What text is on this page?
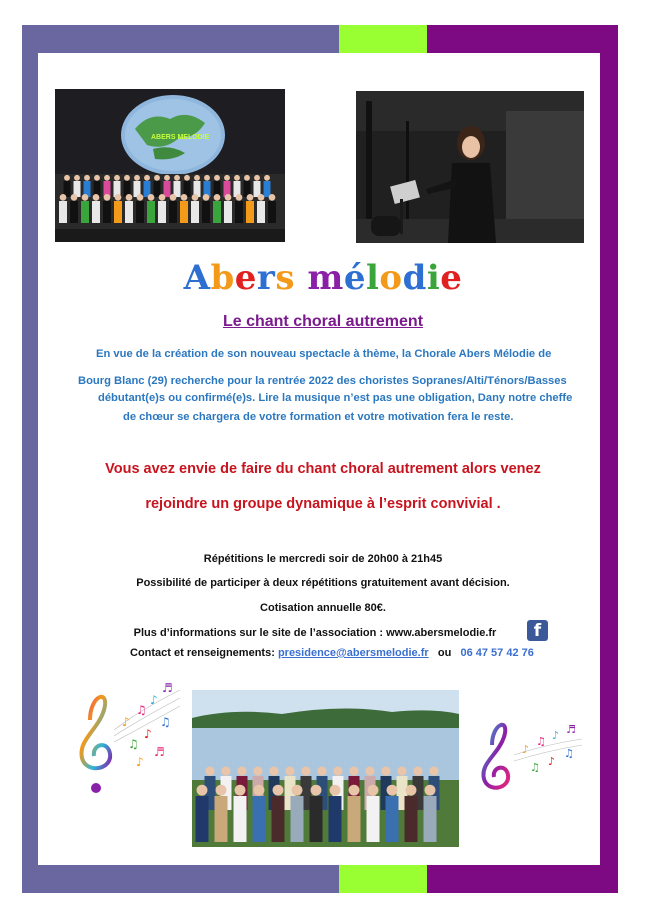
ABERS MELODIE
Abers mélodie
Le chant choral autrement
En vue de la création de son nouveau spectacle à thème, la Chorale Abers Mélodie de
Bourg Blanc (29) recherche pour la rentrée 2022 des choristes Sopranes/Alti/Ténors/Basses
débutant(e)s ou confirmé(e)s. Lire la musique n’est pas une obligation, Dany notre cheffe
de chœur se chargera de votre formation et votre motivation fera le reste.
Vous avez envie de faire du chant choral autrement alors venez
rejoindre un groupe dynamique à l’esprit convivial .
Répétitions le mercredi soir de 20h00 à 21h45
Possibilité de participer à deux répétitions gratuitement avant décision.
Cotisation annuelle 80€.
Plus d’informations sur le site de l’association : www.abersmelodie.fr	f
Contact et renseignements: presidence@abersmelodie.fr ou 06 47 57 42 76
♪
♫
♪
♬
♫
♪
♫
♪
♬	♪
♫ ♪ ♬
♫ ♪
♫
